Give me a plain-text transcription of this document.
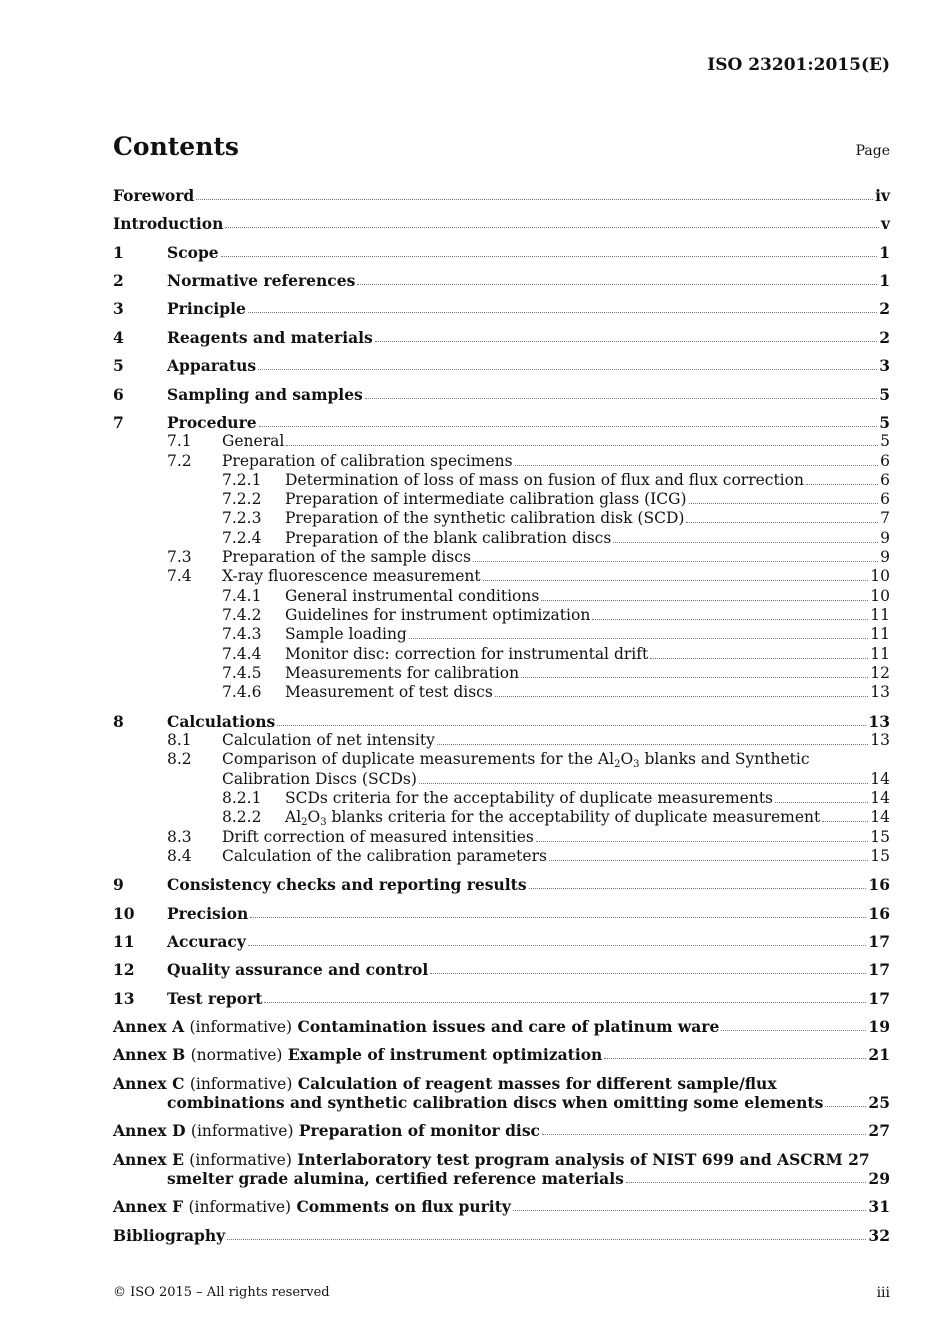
ISO 23201:2015(E)
Contents	Page
Foreword	iv
Introduction	v
1	Scope	1
2	Normative references	1
3	Principle	2
4	Reagents and materials	2
5	Apparatus	3
6	Sampling and samples	5
7	Procedure	5
7.1 General	5
7.2 Preparation of calibration specimens	6
7.2.1 Determination of loss of mass on fusion of flux and flux correction	6
7.2.2 Preparation of intermediate calibration glass (ICG)	6
7.2.3 Preparation of the synthetic calibration disk (SCD)	7
7.2.4 Preparation of the blank calibration discs	9
7.3 Preparation of the sample discs	9
7.4 X-ray fluorescence measurement	10
7.4.1 General instrumental conditions	10
7.4.2 Guidelines for instrument optimization	11
7.4.3 Sample loading	11
7.4.4 Monitor disc: correction for instrumental drift	11
7.4.5 Measurements for calibration	12
7.4.6 Measurement of test discs	13
8	Calculations	13
8.1 Calculation of net intensity	13
8.2 Comparison of duplicate measurements for the $Al_2O_3$ blanks and Synthetic
Calibration Discs (SCDs)	14
8.2.1 SCDs criteria for the acceptability of duplicate measurements	14
8.2.2 $Al_2O_3$ blanks criteria for the acceptability of duplicate measurement	14
8.3 Drift correction of measured intensities	15
8.4 Calculation of the calibration parameters	15
9	Consistency checks and reporting results	16
10 Precision	16
11 Accuracy	17
12 Quality assurance and control	17
13 Test report	17
Annex A (informative) Contamination issues and care of platinum ware	19
Annex B (normative) Example of instrument optimization	21
Annex C (informative) Calculation of reagent masses for different sample/flux
combinations and synthetic calibration discs when omitting some elements	25
Annex D (informative) Preparation of monitor disc	27
Annex E (informative) Interlaboratory test program analysis of NIST 699 and ASCRM 27
smelter grade alumina, certified reference materials	29
Annex F (informative) Comments on flux purity	31
Bibliography	32
© ISO 2015 – All rights reserved	iii
